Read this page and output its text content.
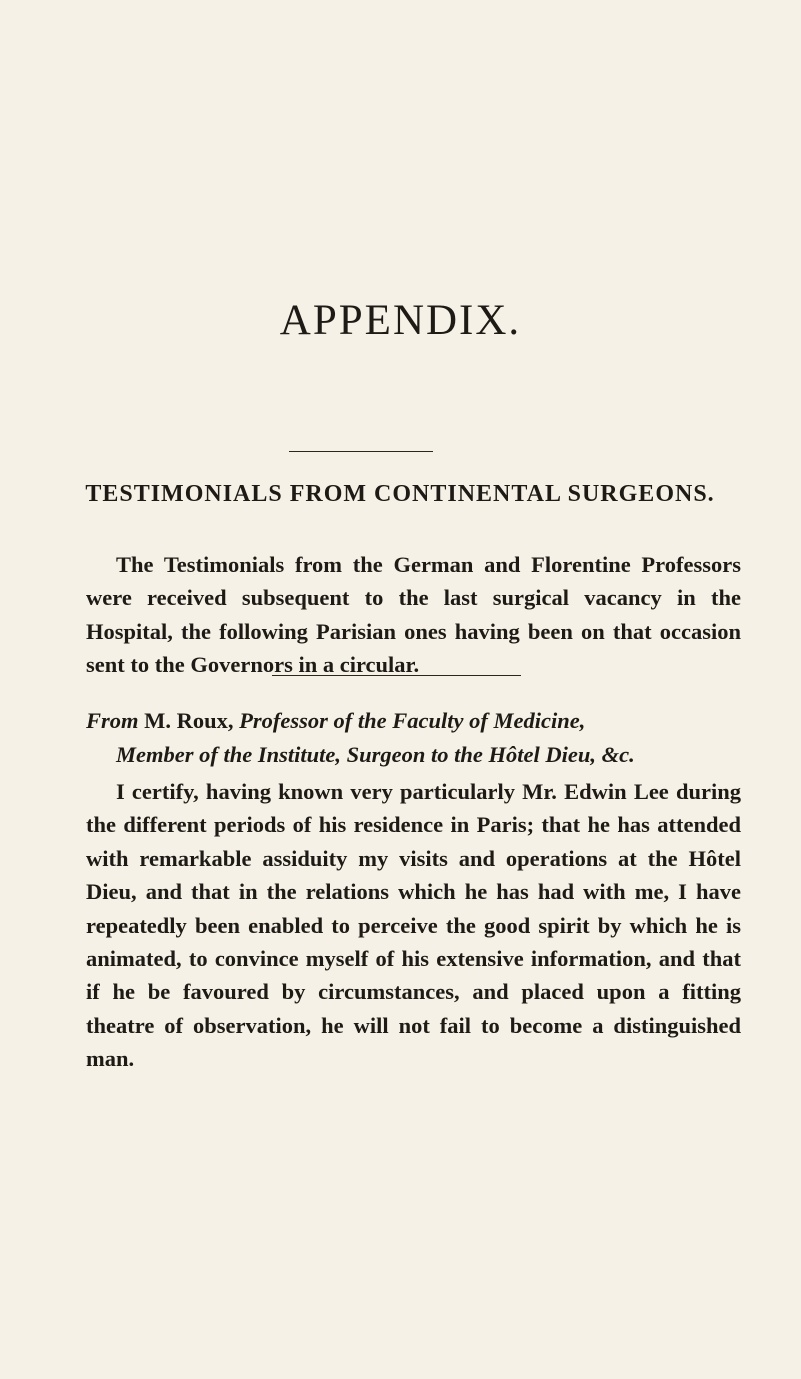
APPENDIX.
TESTIMONIALS FROM CONTINENTAL SURGEONS.

The Testimonials from the German and Florentine Professors were received subsequent to the last surgical vacancy in the Hospital, the following Parisian ones having been on that occasion sent to the Governors in a circular.

From M. Roux, Professor of the Faculty of Medicine,
Member of the Institute, Surgeon to the Hôtel Dieu, &c.

I certify, having known very particularly Mr. Edwin Lee during the different periods of his residence in Paris; that he has attended with remarkable assiduity my visits and operations at the Hôtel Dieu, and that in the relations which he has had with me, I have repeatedly been enabled to perceive the good spirit by which he is animated, to convince myself of his extensive information, and that if he be favoured by circumstances, and placed upon a fitting theatre of observation, he will not fail to become a distinguished man.
